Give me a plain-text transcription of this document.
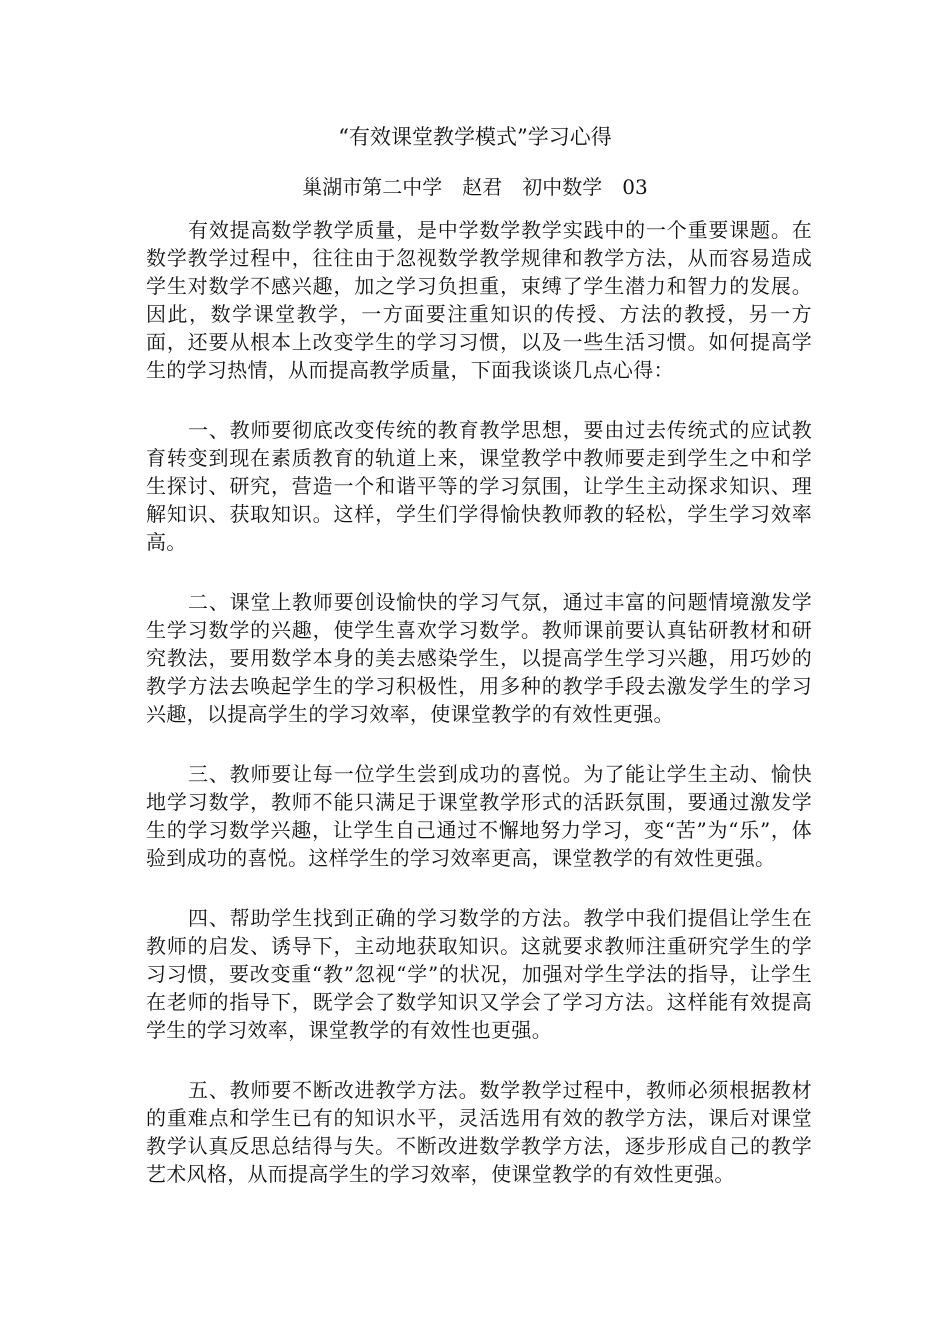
“有效课堂教学模式”学习心得

巢湖市第二中学　赵君　初中数学　03

有效提高数学教学质量，是中学数学教学实践中的一个重要课题。在数学教学过程中，往往由于忽视数学教学规律和教学方法，从而容易造成学生对数学不感兴趣，加之学习负担重，束缚了学生潜力和智力的发展。因此，数学课堂教学，一方面要注重知识的传授、方法的教授，另一方面，还要从根本上改变学生的学习习惯，以及一些生活习惯。如何提高学生的学习热情，从而提高教学质量，下面我谈谈几点心得：

一、教师要彻底改变传统的教育教学思想，要由过去传统式的应试教育转变到现在素质教育的轨道上来，课堂教学中教师要走到学生之中和学生探讨、研究，营造一个和谐平等的学习氛围，让学生主动探求知识、理解知识、获取知识。这样，学生们学得愉快教师教的轻松，学生学习效率高。

二、课堂上教师要创设愉快的学习气氛，通过丰富的问题情境激发学生学习数学的兴趣，使学生喜欢学习数学。教师课前要认真钻研教材和研究教法，要用数学本身的美去感染学生，以提高学生学习兴趣，用巧妙的教学方法去唤起学生的学习积极性，用多种的教学手段去激发学生的学习兴趣，以提高学生的学习效率，使课堂教学的有效性更强。

三、教师要让每一位学生尝到成功的喜悦。为了能让学生主动、愉快地学习数学，教师不能只满足于课堂教学形式的活跃氛围，要通过激发学生的学习数学兴趣，让学生自己通过不懈地努力学习，变“苦”为“乐”，体验到成功的喜悦。这样学生的学习效率更高，课堂教学的有效性更强。

四、帮助学生找到正确的学习数学的方法。教学中我们提倡让学生在教师的启发、诱导下，主动地获取知识。这就要求教师注重研究学生的学习习惯，要改变重“教”忽视“学”的状况，加强对学生学法的指导，让学生在老师的指导下，既学会了数学知识又学会了学习方法。这样能有效提高学生的学习效率，课堂教学的有效性也更强。

五、教师要不断改进教学方法。数学教学过程中，教师必须根据教材的重难点和学生已有的知识水平，灵活选用有效的教学方法，课后对课堂教学认真反思总结得与失。不断改进数学教学方法，逐步形成自己的教学艺术风格，从而提高学生的学习效率，使课堂教学的有效性更强。
